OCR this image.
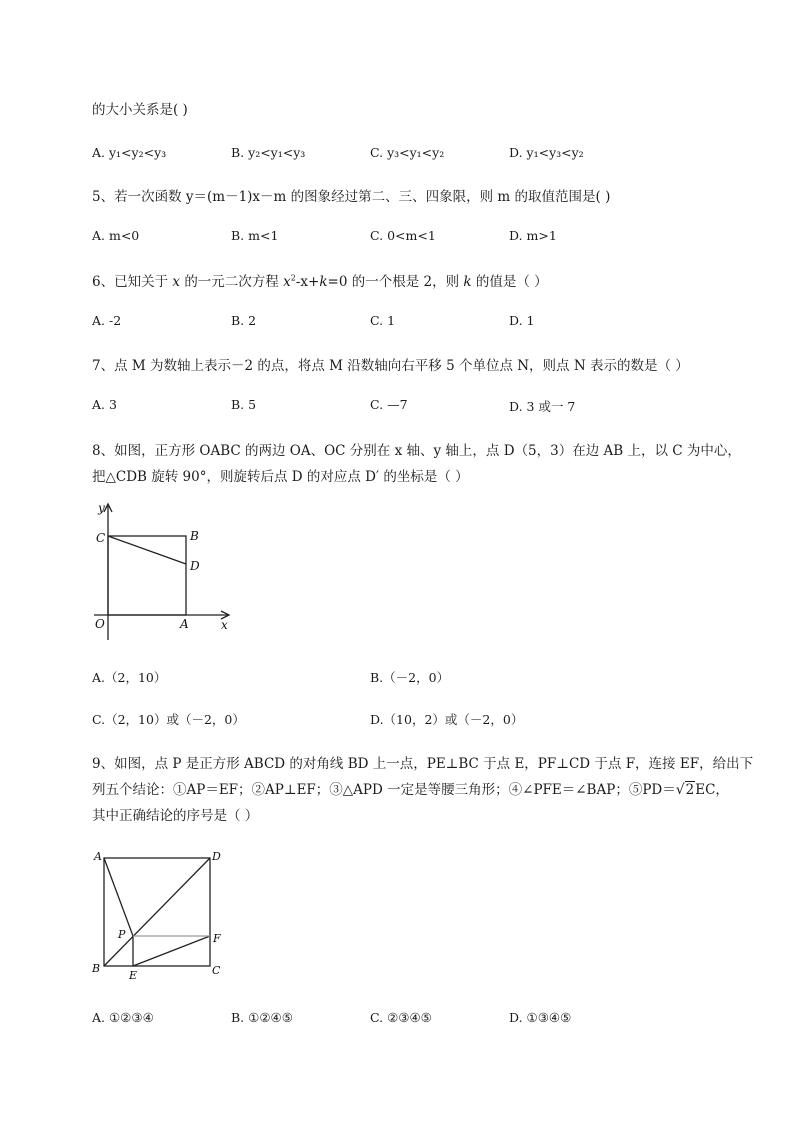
的大小关系是( )
A. y₁<y₂<y₃	B. y₂<y₁<y₃	C. y₃<y₁<y₂	D. y₁<y₃<y₂
5、若一次函数 y＝(m－1)x－m 的图象经过第二、三、四象限，则 m 的取值范围是( )
A. m<0	B. m<1	C. 0<m<1	D. m>1
6、已知关于 x 的一元二次方程 $x^2-x+k=0$ 的一个根是 2，则 k 的值是（ ）
A. -2	B. 2	C. 1	D. 1
7、点 M 为数轴上表示－2 的点，将点 M 沿数轴向右平移 5 个单位点 N，则点 N 表示的数是（ ）
A. 3	B. 5	C. —7	D. 3 或一 7
8、如图，正方形 OABC 的两边 OA、OC 分别在 x 轴、y 轴上，点 D（5，3）在边 AB 上，以 C 为中心，
把△CDB 旋转 90°，则旋转后点 D 的对应点 D′ 的坐标是（ ）
y
C	B
D
O	A	x
A.（2，10）	B.（－2，0）
C.（2，10）或（－2，0）	D.（10，2）或（－2，0）
9、如图，点 P 是正方形 ABCD 的对角线 BD 上一点，PE⊥BC 于点 E，PF⊥CD 于点 F，连接 EF，给出下
列五个结论：①AP＝EF；②AP⊥EF；③△APD 一定是等腰三角形；④∠PFE＝∠BAP；⑤PD＝√2EC，
其中正确结论的序号是（ ）
A	D
P	F
B
E	C
A. ①②③④	B. ①②④⑤	C. ②③④⑤	D. ①③④⑤
